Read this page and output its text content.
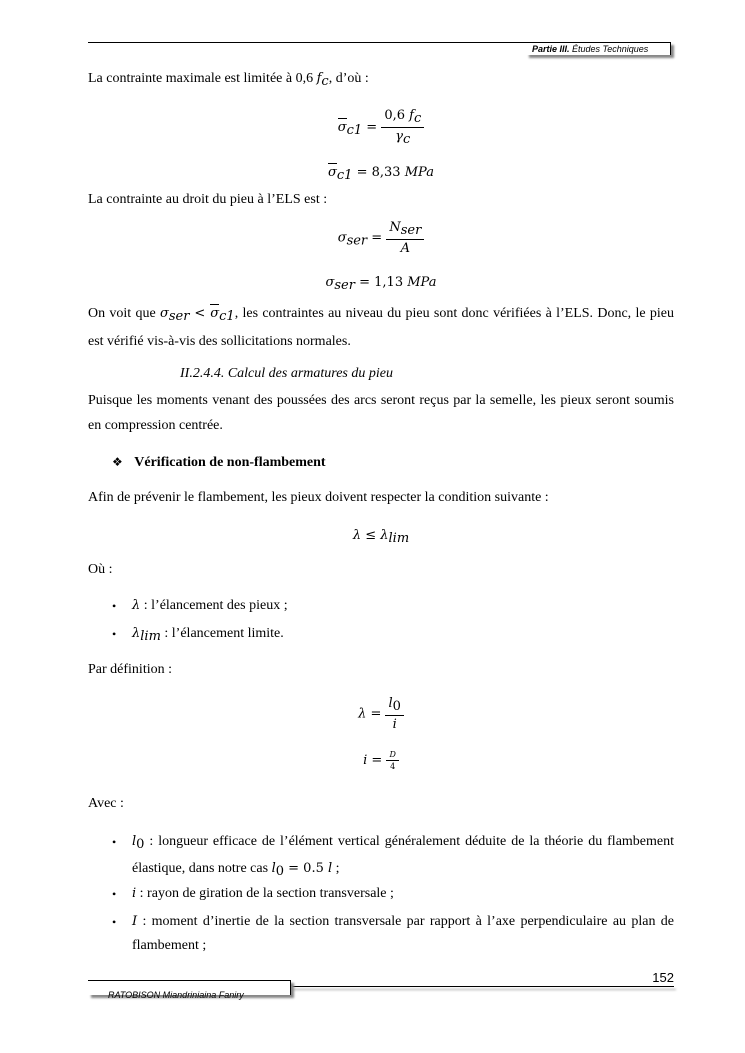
Partie III. Études Techniques
La contrainte maximale est limitée à 0,6 $f_c$, d’où :
$\sigma_{c1} = \frac{0,6 f_c}{\gamma_c}$
$\sigma_{c1} = 8,33$ MPa
La contrainte au droit du pieu à l’ELS est :
$\sigma_{ser} = \frac{N_{ser}}{A}$
$\sigma_{ser} = 1,13$ MPa
On voit que $\sigma_{ser} < \sigma_{c1}$, les contraintes au niveau du pieu sont donc vérifiées à l’ELS. Donc, le pieu est vérifié vis-à-vis des sollicitations normales.
II.2.4.4. Calcul des armatures du pieu
Puisque les moments venant des poussées des arcs seront reçus par la semelle, les pieux seront soumis en compression centrée.
❖ Vérification de non-flambement
Afin de prévenir le flambement, les pieux doivent respecter la condition suivante :
$\lambda \le \lambda_{lim}$
Où :
• λ : l’élancement des pieux ;
• $\lambda_{lim}$ : l’élancement limite.
Par définition :
$\lambda = \frac{l_0}{i}$
$i = \frac{D}{4}$
Avec :
• $l_0$ : longueur efficace de l’élément vertical généralement déduite de la théorie du flambement élastique, dans notre cas $l_0 = 0.5$ l ;
• i : rayon de giration de la section transversale ;
• I : moment d’inertie de la section transversale par rapport à l’axe perpendiculaire au plan de flambement ;
152
RATOBISON Miandriniaina Faniry
